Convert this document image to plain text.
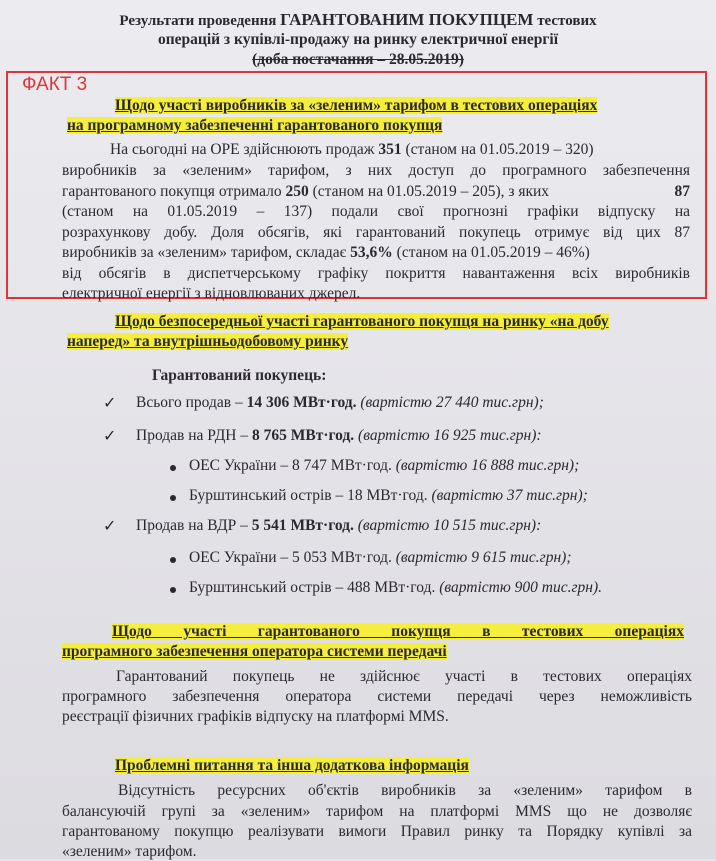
Результати проведення ГАРАНТОВАНИМ ПОКУПЦЕМ тестових
операцій з купівлі-продажу на ринку електричної енергії
(доба постачання – 28.05.2019)
ФАКТ 3
Щодо участі виробників за «зеленим» тарифом в тестових операціях
на програмному забезпеченні гарантованого покупця
На сьогодні на ОРЕ здійснюють продаж 351 (станом на 01.05.2019 – 320)
виробників за «зеленим» тарифом, з них доступ до програмного забезпечення
гарантованого покупця отримало 250 (станом на 01.05.2019 – 205), з яких	87
(станом на 01.05.2019 – 137) подали свої прогнозні графіки відпуску на
розрахункову добу. Доля обсягів, які гарантований покупець отримує від цих 87
виробників за «зеленим» тарифом, складає 53,6% (станом на 01.05.2019 – 46%)
від обсягів в диспетчерському графіку покриття навантаження всіх виробників
електричної енергії з відновлюваних джерел.
Щодо безпосередньої участі гарантованого покупця на ринку «на добу
наперед» та внутрішньодобовому ринку
Гарантований покупець:
✓ Всього продав – 14 306 МВт·год. (вартістю 27 440 тис.грн);
✓ Продав на РДН – 8 765 МВт·год. (вартістю 16 925 тис.грн):
ОЕС України – 8 747 МВт·год. (вартістю 16 888 тис.грн);
Бурштинський острів – 18 МВт·год. (вартістю 37 тис.грн);
✓ Продав на ВДР – 5 541 МВт·год. (вартістю 10 515 тис.грн):
ОЕС України – 5 053 МВт·год. (вартістю 9 615 тис.грн);
Бурштинський острів – 488 МВт·год. (вартістю 900 тис.грн).
Щодо участі гарантованого покупця в тестових операціях
програмного забезпечення оператора системи передачі
Гарантований покупець не здійснює участі в тестових операціях
програмного забезпечення оператора системи передачі через неможливість
реєстрації фізичних графіків відпуску на платформі MMS.
Проблемні питання та інша додаткова інформація
Відсутність ресурсних об'єктів виробників за «зеленим» тарифом в
балансуючій групі за «зеленим» тарифом на платформі MMS що не дозволяє
гарантованому покупцю реалізувати вимоги Правил ринку та Порядку купівлі за
«зеленим» тарифом.
